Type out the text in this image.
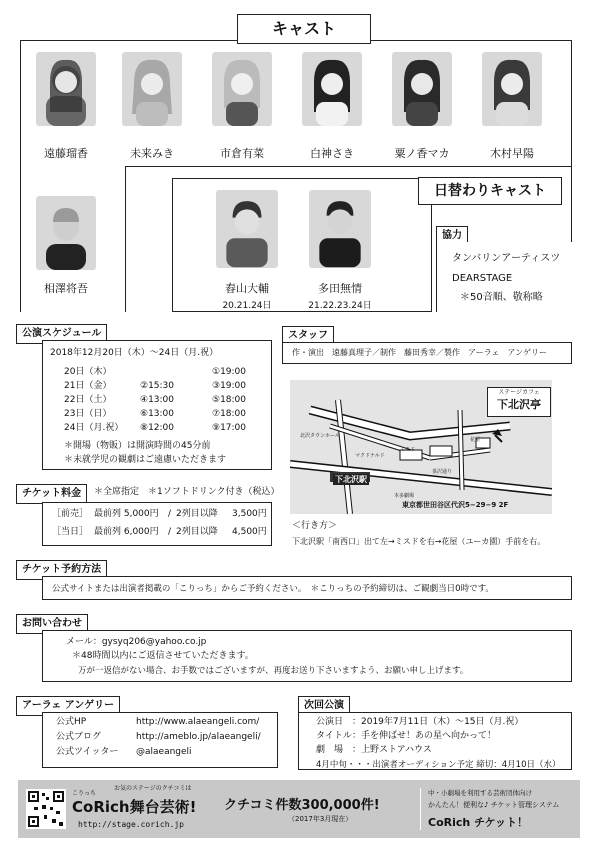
キャスト
遠藤瑠香	未来みき	市倉有菜	白神さき	粟ノ香マカ	木村早陽
相澤将吾
日替わりキャスト
舂山大輔	多田無情
20.21.24日	21.22.23.24日
協力
タンバリンアーティスツ
DEARSTAGE
＊50音順、敬称略
公演スケジュール
2018年12月20日（木）〜24日（月.祝）
20日（木）	①19:00
21日（金）	②15:30	③19:00
22日（土）	④13:00	⑤18:00
23日（日）	⑥13:00	⑦18:00
24日（月.祝） ⑧12:00	⑨17:00
＊開場（物販）は開演時間の45分前
＊未就学児の観劇はご遠慮いただきます
スタッフ
作・演出　遠藤真理子／制作　藤田秀幸／製作　アーラェ　アンゲリー
ステージカフェ
下北沢亭
北沢タウンホール
マクドナルド
ミスド
花屋
茶沢通り
本多劇場
下北沢駅
東京都世田谷区代沢5−29−9 2F
＜行き方＞
下北沢駅「南西口」出て左→ミスドを右→花屋（ユーカ園）手前を右。
チケット料金	＊全席指定　＊1ソフトドリンク付き（税込）
［前売］ 最前列 5,000円 / 2列目以降 3,500円
［当日］ 最前列 6,000円 / 2列目以降 4,500円
チケット予約方法
公式サイトまたは出演者掲載の「こりっち」からご予約ください。　＊こりっちの予約締切は、ご観劇当日0時です。
お問い合わせ
メール：gysyq206@yahoo.co.jp
＊48時間以内にご返信させていただきます。
万が一返信がない場合、お手数ではございますが、再度お送り下さいますよう、お願い申し上げます。
アーラェ アンゲリー
公式HP	http://www.alaeangeli.com/
公式ブログ	http://ameblo.jp/alaeangeli/
公式ツイッター @alaeangeli
次回公演
公演日 ：2019年7月11日（木）〜15日（月.祝）
タイトル ：手を伸ばせ！あの星へ向かって！
劇　場 ：上野ストアハウス
4月中旬・・・出演者オーディション予定 締切：4月10日（水）
お気のステージのクチコミは
こりっち
CoRich舞台芸術!
http://stage.corich.jp
クチコミ件数300,000件!
（2017年3月現在）
中・小劇場を利用する芸術団体向け
かんたん！便利な♪ チケット管理システム
CoRich チケット！
